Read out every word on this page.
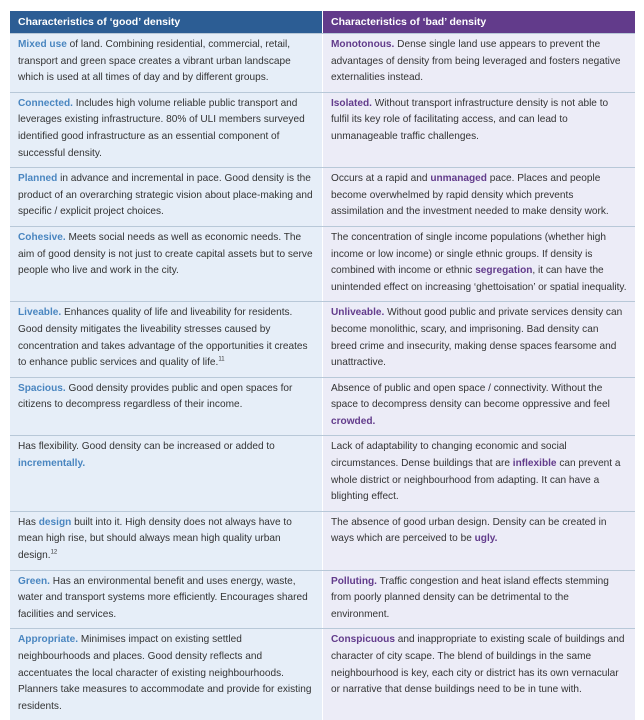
Characteristics of ‘good’ density	Characteristics of ‘bad’ density
Mixed use of land. Combining residential, commercial, retail, transport and green space creates a vibrant urban landscape which is used at all times of day and by different groups.
Monotonous. Dense single land use appears to prevent the advantages of density from being leveraged and fosters negative externalities instead.
Connected. Includes high volume reliable public transport and leverages existing infrastructure. 80% of ULI members surveyed identified good infrastructure as an essential component of successful density.
Isolated. Without transport infrastructure density is not able to fulfil its key role of facilitating access, and can lead to unmanageable traffic challenges.
Planned in advance and incremental in pace. Good density is the product of an overarching strategic vision about place-making and specific / explicit project choices.
Occurs at a rapid and unmanaged pace. Places and people become overwhelmed by rapid density which prevents assimilation and the investment needed to make density work.
Cohesive. Meets social needs as well as economic needs. The aim of good density is not just to create capital assets but to serve people who live and work in the city.
The concentration of single income populations (whether high income or low income) or single ethnic groups. If density is combined with income or ethnic segregation, it can have the unintended effect on increasing ‘ghettoisation’ or spatial inequality.
Liveable. Enhances quality of life and liveability for residents. Good density mitigates the liveability stresses caused by concentration and takes advantage of the opportunities it creates to enhance public services and quality of life.$^{11}$
Unliveable. Without good public and private services density can become monolithic, scary, and imprisoning. Bad density can breed crime and insecurity, making dense spaces fearsome and unattractive.
Spacious. Good density provides public and open spaces for citizens to decompress regardless of their income.
Absence of public and open space / connectivity. Without the space to decompress density can become oppressive and feel crowded.
Has flexibility. Good density can be increased or added to incrementally.
Lack of adaptability to changing economic and social circumstances. Dense buildings that are inflexible can prevent a whole district or neighbourhood from adapting. It can have a blighting effect.
Has design built into it. High density does not always have to mean high rise, but should always mean high quality urban design.$^{12}$
The absence of good urban design. Density can be created in ways which are perceived to be ugly.
Green. Has an environmental benefit and uses energy, waste, water and transport systems more efficiently. Encourages shared facilities and services.
Polluting. Traffic congestion and heat island effects stemming from poorly planned density can be detrimental to the environment.
Appropriate. Minimises impact on existing settled neighbourhoods and places. Good density reflects and accentuates the local character of existing neighbourhoods. Planners take measures to accommodate and provide for existing residents.
Conspicuous and inappropriate to existing scale of buildings and character of city scape. The blend of buildings in the same neighbourhood is key, each city or district has its own vernacular or narrative that dense buildings need to be in tune with.
